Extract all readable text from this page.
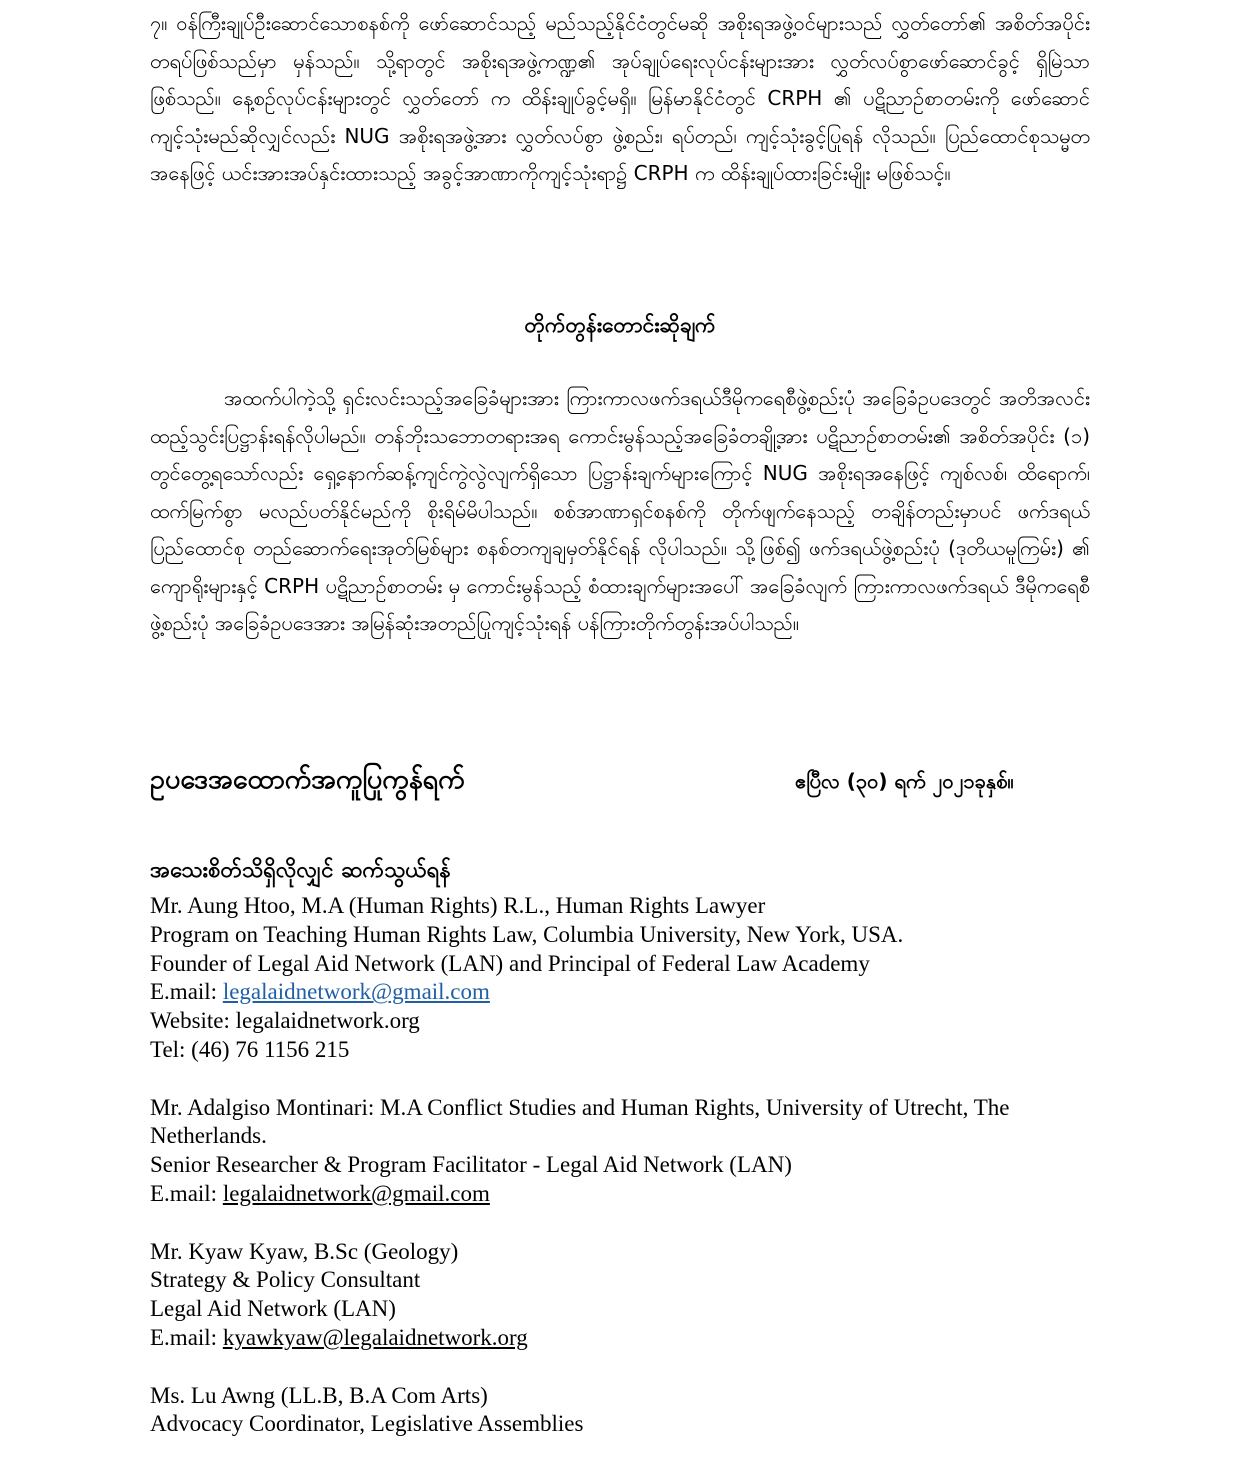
၇။ ဝန်ကြီးချုပ်ဦးဆောင်သောစနစ်ကို ဖော်ဆောင်သည့် မည်သည့်နိုင်ငံတွင်မဆို အစိုးရအဖွဲ့ဝင်များသည် လွှတ်တော်၏ အစိတ်အပိုင်းတရပ်ဖြစ်သည်မှာ မှန်သည်။ သို့ရာတွင် အစိုးရအဖွဲ့ကဏ္ဍ၏ အုပ်ချုပ်ရေးလုပ်ငန်းများအား လွှတ်လပ်စွာဖော်ဆောင်ခွင့် ရှိမြဲသာဖြစ်သည်။ နေ့စဉ်လုပ်ငန်းများတွင် လွှတ်တော် က ထိန်းချုပ်ခွင့်မရှိ။ မြန်မာနိုင်ငံတွင် CRPH ၏ ပဋိညာဉ်စာတမ်းကို ဖော်ဆောင်ကျင့်သုံးမည်ဆိုလျှင်လည်း NUG အစိုးရအဖွဲ့အား လွှတ်လပ်စွာ ဖွဲ့စည်း၊ ရပ်တည်၊ ကျင့်သုံးခွင့်ပြုရန် လိုသည်။ ပြည်ထောင်စုသမ္မတ အနေဖြင့် ယင်းအားအပ်နှင်းထားသည့် အခွင့်အာဏာကိုကျင့်သုံးရာ၌ CRPH က ထိန်းချုပ်ထားခြင်းမျိုး မဖြစ်သင့်။

တိုက်တွန်းတောင်းဆိုချက်

အထက်ပါကဲ့သို့ ရှင်းလင်းသည့်အခြေခံများအား ကြားကာလဖက်ဒရယ်ဒီမိုကရေစီဖွဲ့စည်းပုံ အခြေခံဥပဒေတွင် အတိအလင်း ထည့်သွင်းပြဋ္ဌာန်းရန်လိုပါမည်။ တန်ဘိုးသဘောတရားအရ ကောင်းမွန်သည့်အခြေခံတချို့အား ပဋိညာဉ်စာတမ်း၏ အစိတ်အပိုင်း (၁) တွင်တွေ့ရသော်လည်း ရှေ့နောက်ဆန့်ကျင်ကွဲလွဲလျက်ရှိသော ပြဋ္ဌာန်းချက်များကြောင့် NUG အစိုးရအနေဖြင့် ကျစ်လစ်၊ ထိရောက်၊ ထက်မြက်စွာ မလည်ပတ်နိုင်မည်ကို စိုးရိမ်မိပါသည်။ စစ်အာဏာရှင်စနစ်ကို တိုက်ဖျက်နေသည့် တချိန်တည်းမှာပင် ဖက်ဒရယ်ပြည်ထောင်စု တည်ဆောက်ရေးအုတ်မြစ်များ စနစ်တကျချမှတ်နိုင်ရန် လိုပါသည်။ သို့ဖြစ်၍ ဖက်ဒရယ်ဖွဲ့စည်းပုံ (ဒုတိယမူကြမ်း) ၏ ကျောရိုးများနှင့် CRPH ပဋိညာဉ်စာတမ်း မှ ကောင်းမွန်သည့် စံထားချက်များအပေါ် အခြေခံလျက် ကြားကာလဖက်ဒရယ် ဒီမိုကရေစီဖွဲ့စည်းပုံ အခြေခံဥပဒေအား အမြန်ဆုံးအတည်ပြုကျင့်သုံးရန် ပန်ကြားတိုက်တွန်းအပ်ပါသည်။

ဥပဒေအထောက်အကူပြုကွန်ရက်	ဧပြီလ (၃၀) ရက် ၂၀၂၁ခုနှစ်။
အသေးစိတ်သိရှိလိုလျှင် ဆက်သွယ်ရန်
Mr. Aung Htoo, M.A (Human Rights) R.L., Human Rights Lawyer
Program on Teaching Human Rights Law, Columbia University, New York, USA.
Founder of Legal Aid Network (LAN) and Principal of Federal Law Academy
E.mail: legalaidnetwork@gmail.com
Website: legalaidnetwork.org
Tel: (46) 76 1156 215
Mr. Adalgiso Montinari: M.A Conflict Studies and Human Rights, University of Utrecht, The Netherlands.
Senior Researcher & Program Facilitator - Legal Aid Network (LAN)
E.mail: legalaidnetwork@gmail.com
Mr. Kyaw Kyaw, B.Sc (Geology)
Strategy & Policy Consultant
Legal Aid Network (LAN)
E.mail: kyawkyaw@legalaidnetwork.org
Ms. Lu Awng (LL.B, B.A Com Arts)
Advocacy Coordinator, Legislative Assemblies
